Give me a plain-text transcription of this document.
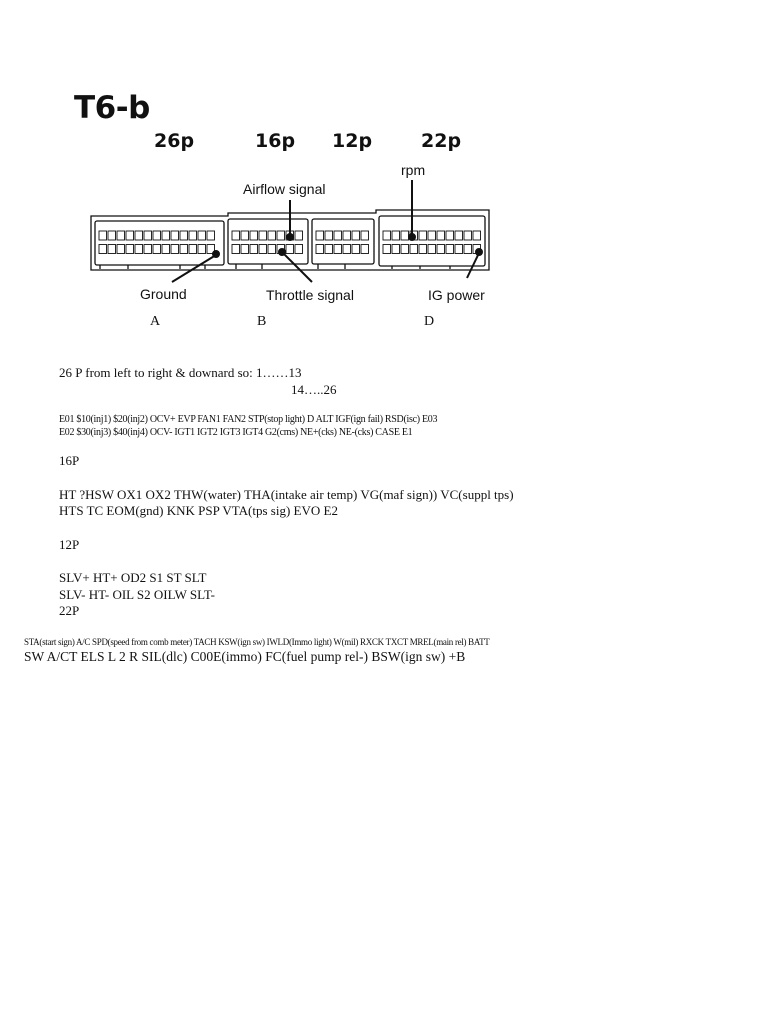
T6-b
26p	16p 12p	22p
rpm
Airflow signal
Ground	Throttle signal	IG power
A	B	D
26 P from left to right & downard so: 1……13
14…..26
E01 $10(inj1) $20(inj2) OCV+ EVP FAN1 FAN2 STP(stop light) D ALT IGF(ign fail) RSD(isc) E03
E02 $30(inj3) $40(inj4) OCV- IGT1 IGT2 IGT3 IGT4 G2(cms) NE+(cks) NE-(cks) CASE E1
16P
HT ?HSW OX1 OX2 THW(water) THA(intake air temp) VG(maf sign)) VC(suppl tps)
HTS TC EOM(gnd) KNK PSP VTA(tps sig) EVO E2
12P
SLV+ HT+ OD2 S1 ST SLT
SLV- HT- OIL S2 OILW SLT-
22P
STA(start sign) A/C SPD(speed from comb meter) TACH KSW(ign sw) IWLD(Immo light) W(mil) RXCK TXCT MREL(main rel) BATT
SW A/CT ELS L 2 R SIL(dlc) C00E(immo) FC(fuel pump rel-) BSW(ign sw) +B
